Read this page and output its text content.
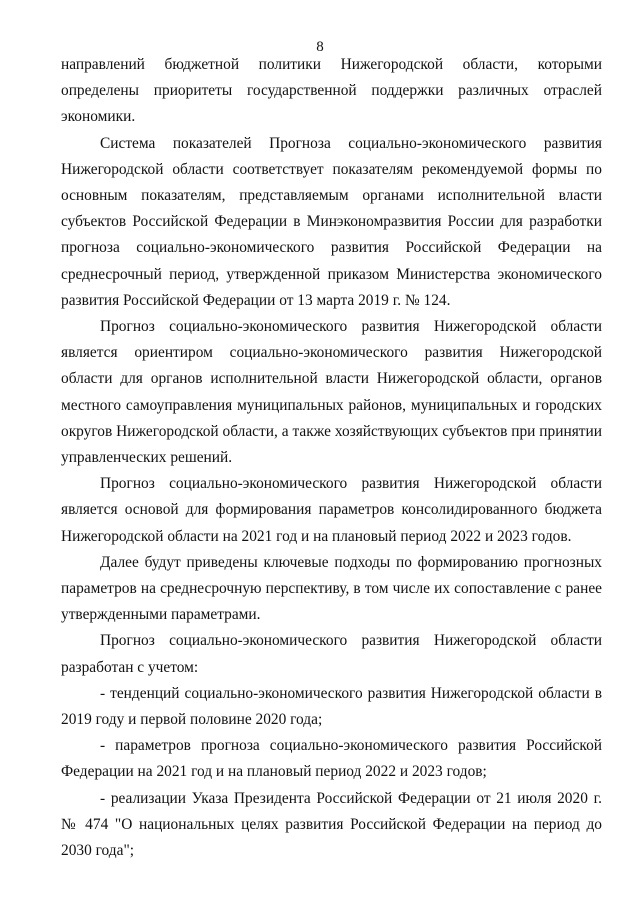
8

направлений бюджетной политики Нижегородской области, которыми определены приоритеты государственной поддержки различных отраслей экономики.

Система показателей Прогноза социально-экономического развития Нижегородской области соответствует показателям рекомендуемой формы по основным показателям, представляемым органами исполнительной власти субъектов Российской Федерации в Минэкономразвития России для разработки прогноза социально-экономического развития Российской Федерации на среднесрочный период, утвержденной приказом Министерства экономического развития Российской Федерации от 13 марта 2019 г. № 124.

Прогноз социально-экономического развития Нижегородской области является ориентиром социально-экономического развития Нижегородской области для органов исполнительной власти Нижегородской области, органов местного самоуправления муниципальных районов, муниципальных и городских округов Нижегородской области, а также хозяйствующих субъектов при принятии управленческих решений.

Прогноз социально-экономического развития Нижегородской области является основой для формирования параметров консолидированного бюджета Нижегородской области на 2021 год и на плановый период 2022 и 2023 годов.

Далее будут приведены ключевые подходы по формированию прогнозных параметров на среднесрочную перспективу, в том числе их сопоставление с ранее утвержденными параметрами.

Прогноз социально-экономического развития Нижегородской области разработан с учетом:

- тенденций социально-экономического развития Нижегородской области в 2019 году и первой половине 2020 года;

- параметров прогноза социально-экономического развития Российской Федерации на 2021 год и на плановый период 2022 и 2023 годов;

- реализации Указа Президента Российской Федерации от 21 июля 2020 г. № 474 "О национальных целях развития Российской Федерации на период до 2030 года";
